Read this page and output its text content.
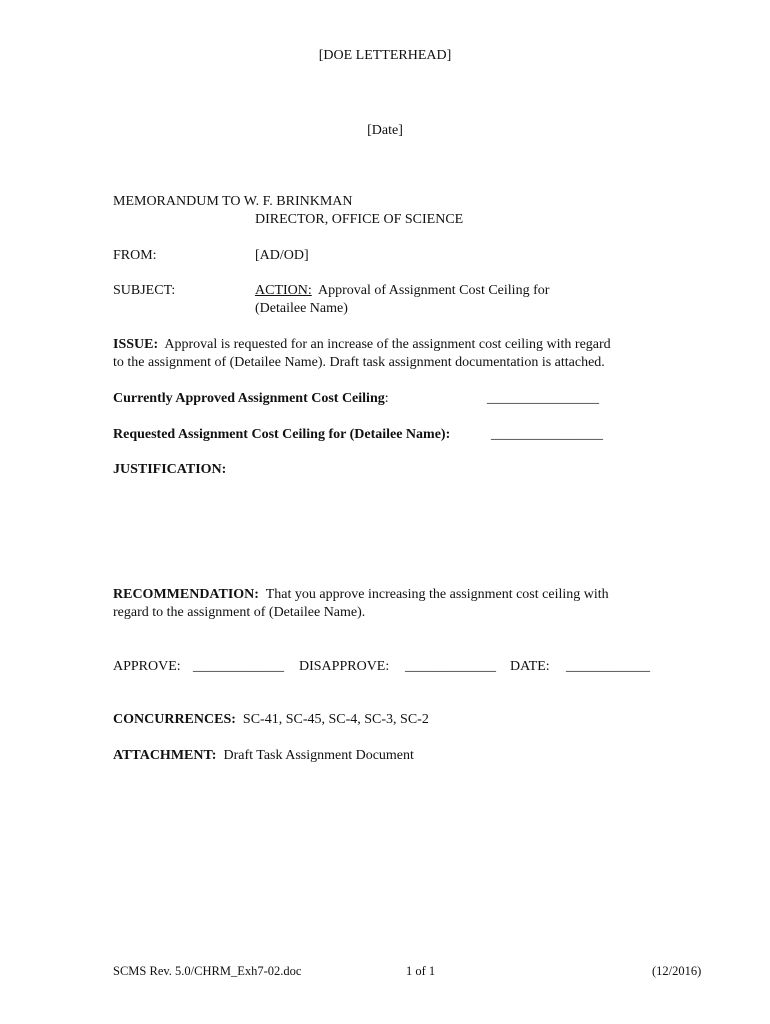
[DOE LETTERHEAD]
[Date]
MEMORANDUM TO W. F. BRINKMAN
DIRECTOR, OFFICE OF SCIENCE
FROM:	[AD/OD]
SUBJECT:	ACTION: Approval of Assignment Cost Ceiling for
(Detailee Name)
ISSUE: Approval is requested for an increase of the assignment cost ceiling with regard
to the assignment of (Detailee Name). Draft task assignment documentation is attached.
Currently Approved Assignment Cost Ceiling:	________________
Requested Assignment Cost Ceiling for (Detailee Name):	________________
JUSTIFICATION:
RECOMMENDATION: That you approve increasing the assignment cost ceiling with
regard to the assignment of (Detailee Name).
APPROVE: _____________ DISAPPROVE: _____________ DATE: ____________
CONCURRENCES: SC-41, SC-45, SC-4, SC-3, SC-2
ATTACHMENT: Draft Task Assignment Document
SCMS Rev. 5.0/CHRM_Exh7-02.doc	1 of 1	(12/2016)
